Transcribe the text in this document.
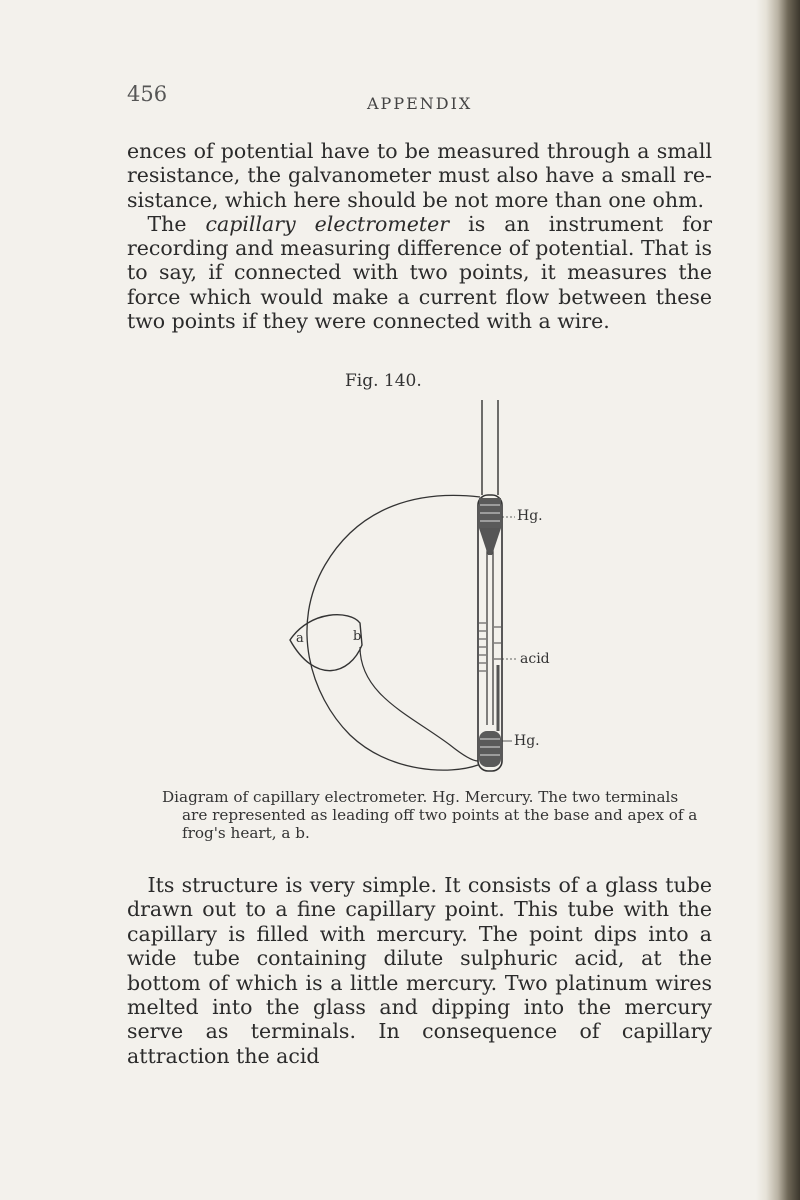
456	APPENDIX

ences of potential have to be measured through a small resistance, the galvanometer must also have a small re-sistance, which here should be not more than one ohm.

The capillary electrometer is an instrument for recording and measuring difference of potential. That is to say, if connected with two points, it measures the force which would make a current flow between these two points if they were connected with a wire.

Fig. 140.
a	b
Hg.
acid
Hg.
Diagram of capillary electrometer. Hg. Mercury. The two terminals are represented as leading off two points at the base and apex of a frog's heart, a b.

Its structure is very simple. It consists of a glass tube drawn out to a fine capillary point. This tube with the capillary is filled with mercury. The point dips into a wide tube containing dilute sulphuric acid, at the bottom of which is a little mercury. Two platinum wires melted into the glass and dipping into the mercury serve as terminals. In consequence of capillary attraction the acid
